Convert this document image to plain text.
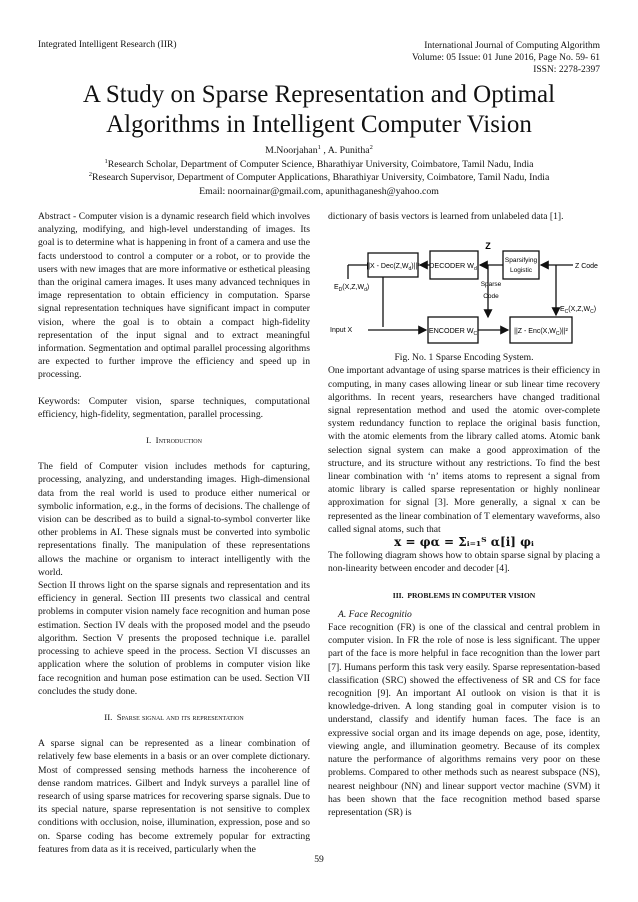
Integrated Intelligent Research (IIR)	International Journal of Computing Algorithm
Volume: 05 Issue: 01 June 2016, Page No. 59- 61
ISSN: 2278-2397
A Study on Sparse Representation and Optimal Algorithms in Intelligent Computer Vision
M.Noorjahan$^1$ , A. Punitha$^2$
$^1$Research Scholar, Department of Computer Science, Bharathiyar University, Coimbatore, Tamil Nadu, India
$^2$Research Supervisor, Department of Computer Applications, Bharathiyar University, Coimbatore, Tamil Nadu, India
Email: noornainar@gmail.com, apunithaganesh@yahoo.com

Abstract - Computer vision is a dynamic research field which involves analyzing, modifying, and high-level understanding of images. Its goal is to determine what is happening in front of a camera and use the facts understood to control a computer or a robot, or to provide the users with new images that are more informative or esthetical pleasing than the original camera images. It uses many advanced techniques in image representation to obtain efficiency in computation. Sparse signal representation techniques have significant impact in computer vision, where the goal is to obtain a compact high-fidelity representation of the input signal and to extract meaningful information. Segmentation and optimal parallel processing algorithms are expected to further improve the efficiency and speed up in processing.

Keywords: Computer vision, sparse techniques, computational efficiency, high-fidelity, segmentation, parallel processing.

I. Introduction

The field of Computer vision includes methods for capturing, processing, analyzing, and understanding images. High-dimensional data from the real world is used to produce either numerical or symbolic information, e.g., in the forms of decisions. The challenge of vision can be described as to build a signal-to-symbol converter like other problems in AI. These signals must be converted into symbolic representations finally. The manipulation of these representations allows the machine or organism to interact intelligently with the world.

Section II throws light on the sparse signals and representation and its efficiency in general. Section III presents two classical and central problems in computer vision namely face recognition and human pose estimation. Section IV deals with the proposed model and the pseudo algorithm. Section V presents the proposed technique i.e. parallel processing to achieve speed in the process. Section VI discusses an application where the solution of problems in computer vision like face recognition and human pose estimation can be used. Section VII concludes the study done.

II. Sparse signal and its representation

A sparse signal can be represented as a linear combination of relatively few base elements in a basis or an over complete dictionary. Most of compressed sensing methods harness the incoherence of dense random matrices. Gilbert and Indyk surveys a parallel line of research of using sparse matrices for recovering sparse signals. Due to its special nature, sparse representation is not sensitive to complex conditions with occlusion, noise, illumination, expression, pose and so on. Sparse coding has become extremely popular for extracting features from data as it is received, particularly when the

dictionary of basis vectors is learned from unlabeled data [1].

$||X - Dec(Z,W_d)||^2$ DECODER $W_d$
Sparsifying
Logistic
$E_D(X,Z,W_d)$
Z
Sparse
Code
Z Code
ENCODER $W_C$	$||Z - Enc(X,W_C)||^2$
Input X
$E_C(X,Z,W_C)$

Fig. No. 1 Sparse Encoding System.

One important advantage of using sparse matrices is their efficiency in computing, in many cases allowing linear or sub linear time recovery algorithms. In recent years, researchers have changed traditional signal representation method and used the atomic over-complete system redundancy function to replace the original basis function, with the atomic elements from the library called atoms. Atomic bank selection signal system can make a good approximation of the structure, and its structure without any restrictions. To find the best linear combination with ‘n’ items atoms to represent a signal from atomic library is called sparse representation or highly nonlinear approximation for signal [3]. More generally, a signal x can be represented as the linear combination of T elementary waveforms, also called signal atoms, such that

x = φα = Σᵢ₌₁ᵀ α[i] φᵢ

The following diagram shows how to obtain sparse signal by placing a non-linearity between encoder and decoder [4].

III. PROBLEMS IN COMPUTER VISION

A. Face Recognitio

Face recognition (FR) is one of the classical and central problem in computer vision. In FR the role of nose is less significant. The upper part of the face is more helpful in face recognition than the lower part [7]. Humans perform this task very easily. Sparse representation-based classification (SRC) showed the effectiveness of SR and CS for face recognition [9]. An important AI outlook on vision is that it is knowledge-driven. A long standing goal in computer vision is to understand, classify and identify human faces. The face is an expressive social organ and its image depends on age, pose, identity, viewing angle, and illumination geometry. Because of its complex nature the performance of algorithms remains very poor on these problems. Compared to other methods such as nearest subspace (NS), nearest neighbour (NN) and linear support vector machine (SVM) it has been shown that the face recognition method based sparse representation (SR) is

59
